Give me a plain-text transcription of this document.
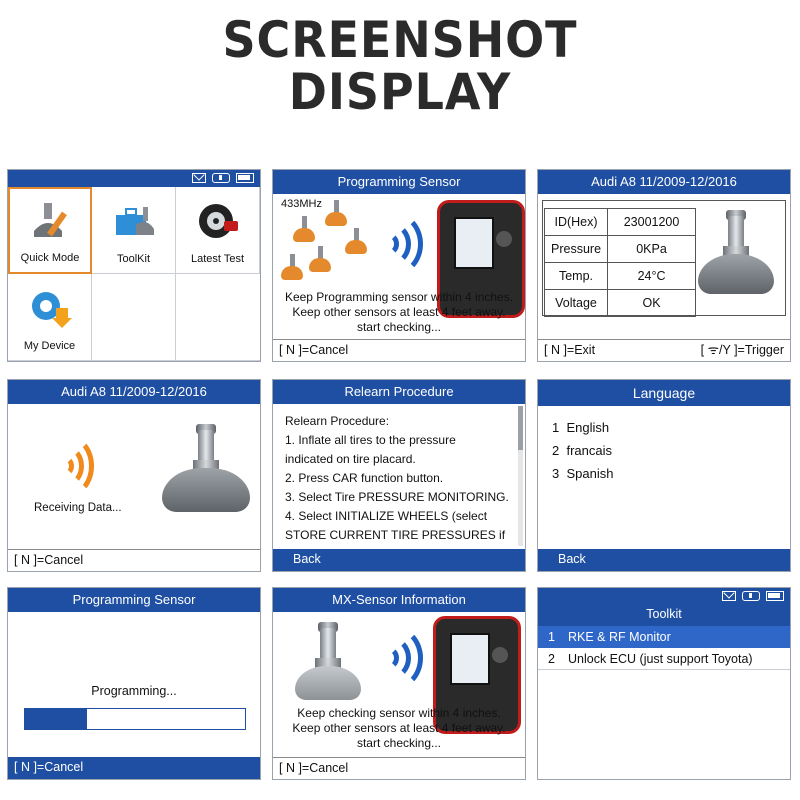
SCREENSHOT
DISPLAY
Quick Mode	ToolKit	Latest Test
My Device
Programming Sensor
433MHz
Keep Programming sensor within 4 inches.
Keep other sensors at least 4 feet away.
start checking...
[ N ]=Cancel
Audi A8 11/2009-12/2016
ID(Hex)	23001200
Pressure	0KPa
Temp.	24°C
Voltage	OK
[ N ]=Exit	[ ᯤ/Y ]=Trigger
Audi A8 11/2009-12/2016
Receiving Data...
[ N ]=Cancel
Relearn Procedure
Relearn Procedure:
1. Inflate all tires to the pressure
indicated on tire placard.
2. Press CAR function button.
3. Select Tire PRESSURE MONITORING.
4. Select INITIALIZE WHEELS (select
STORE CURRENT TIRE PRESSURES if
Back
Language
1 English
2 francais
3 Spanish
Back
Programming Sensor
Programming...
[ N ]=Cancel
MX-Sensor Information
Keep checking sensor within 4 inches.
Keep other sensors at least 4 feet away.
start checking...
[ N ]=Cancel
Toolkit
1 RKE & RF Monitor
2 Unlock ECU (just support Toyota)
